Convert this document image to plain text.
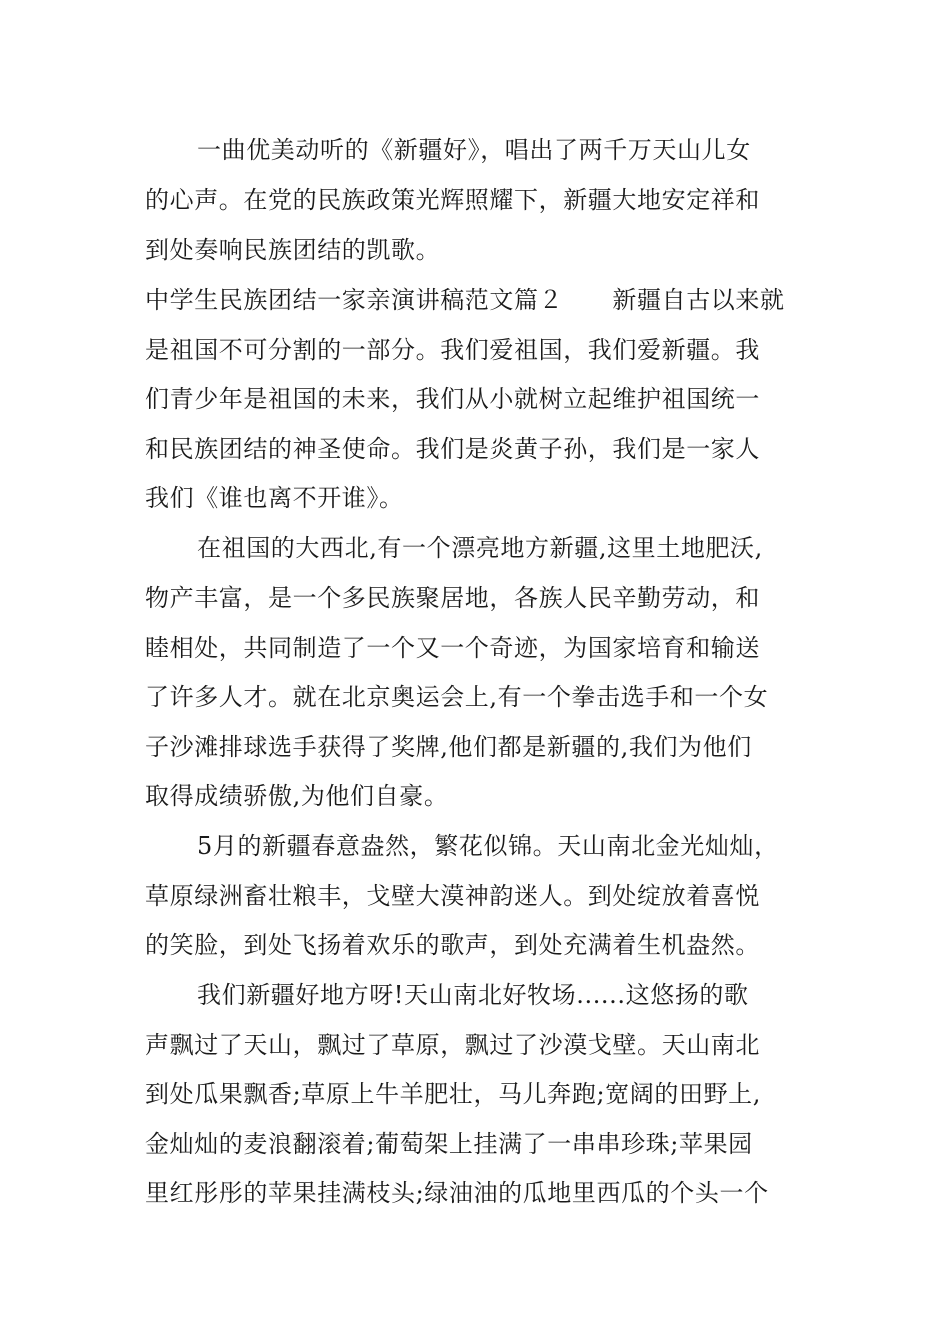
一曲优美动听的《新疆好》，唱出了两千万天山儿女
的心声。在党的民族政策光辉照耀下，新疆大地安定祥和
到处奏响民族团结的凯歌。
中学生民族团结一家亲演讲稿范文篇２　　新疆自古以来就
是祖国不可分割的一部分。我们爱祖国，我们爱新疆。我
们青少年是祖国的未来，我们从小就树立起维护祖国统一
和民族团结的神圣使命。我们是炎黄子孙，我们是一家人
我们《谁也离不开谁》。
在祖国的大西北,有一个漂亮地方新疆,这里土地肥沃,
物产丰富，是一个多民族聚居地，各族人民辛勤劳动，和
睦相处，共同制造了一个又一个奇迹，为国家培育和输送
了许多人才。就在北京奥运会上,有一个拳击选手和一个女
子沙滩排球选手获得了奖牌,他们都是新疆的,我们为他们
取得成绩骄傲,为他们自豪。
5月的新疆春意盎然，繁花似锦。天山南北金光灿灿，
草原绿洲畜壮粮丰，戈壁大漠神韵迷人。到处绽放着喜悦
的笑脸，到处飞扬着欢乐的歌声，到处充满着生机盎然。
我们新疆好地方呀!天山南北好牧场......这悠扬的歌
声飘过了天山，飘过了草原，飘过了沙漠戈壁。天山南北
到处瓜果飘香;草原上牛羊肥壮，马儿奔跑;宽阔的田野上,
金灿灿的麦浪翻滚着;葡萄架上挂满了一串串珍珠;苹果园
里红彤彤的苹果挂满枝头;绿油油的瓜地里西瓜的个头一个
